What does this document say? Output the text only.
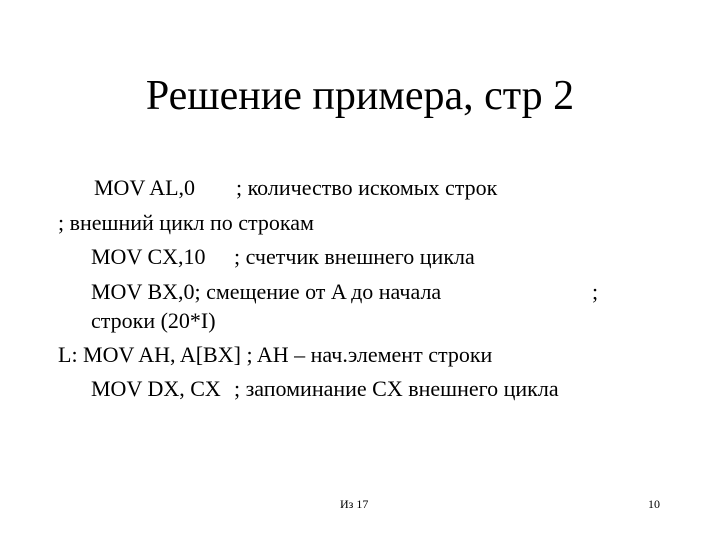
Решение примера, стр 2
MOV AL,0 ; количество искомых строк
; внешний цикл по строкам
MOV CX,10 ; счетчик внешнего цикла
MOV BX,0; смещение от A до начала	;
строки (20*I)
L: MOV AH, A[BX] ; AH – нач.элемент строки
MOV DX, CX ; запоминание CX внешнего цикла
Из 17	10
